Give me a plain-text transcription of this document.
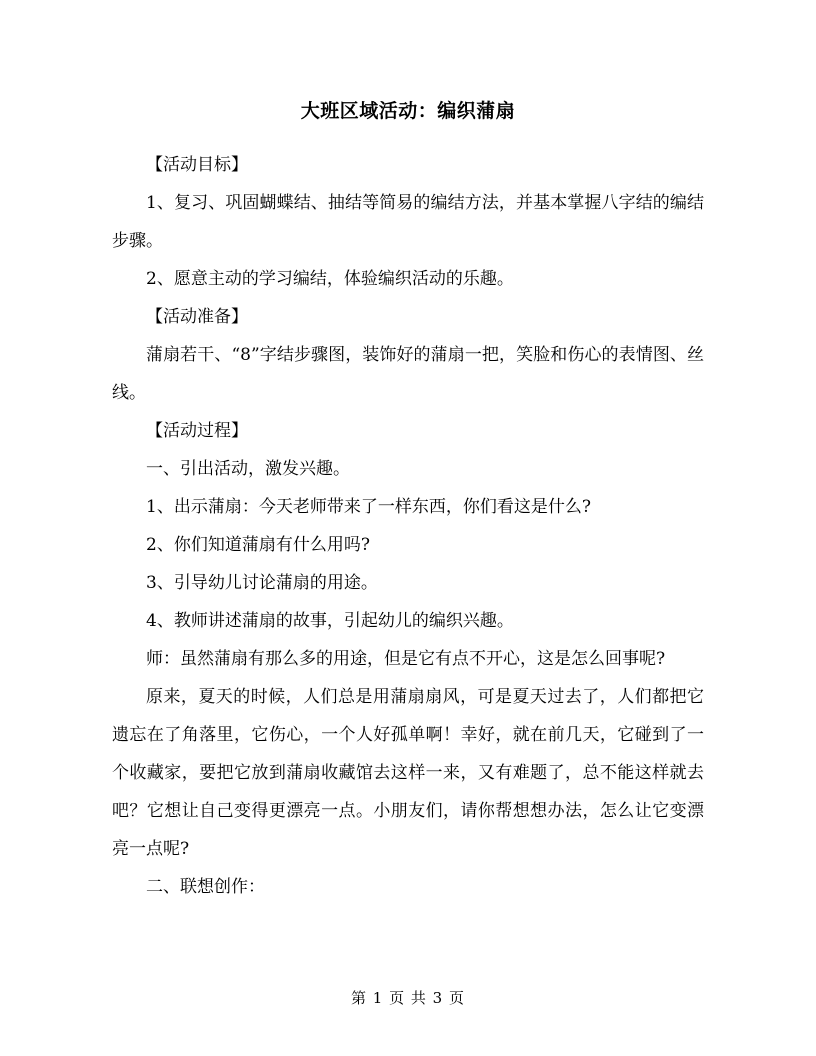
大班区域活动：编织蒲扇

【活动目标】

1、复习、巩固蝴蝶结、抽结等简易的编结方法，并基本掌握八字结的编结步骤。

2、愿意主动的学习编结，体验编织活动的乐趣。

【活动准备】

蒲扇若干、“8”字结步骤图，装饰好的蒲扇一把，笑脸和伤心的表情图、丝线。

【活动过程】

一、引出活动，激发兴趣。

1、出示蒲扇：今天老师带来了一样东西，你们看这是什么?

2、你们知道蒲扇有什么用吗?

3、引导幼儿讨论蒲扇的用途。

4、教师讲述蒲扇的故事，引起幼儿的编织兴趣。

师：虽然蒲扇有那么多的用途，但是它有点不开心，这是怎么回事呢?

原来，夏天的时候，人们总是用蒲扇扇风，可是夏天过去了，人们都把它遗忘在了角落里，它伤心，一个人好孤单啊！幸好，就在前几天，它碰到了一个收藏家，要把它放到蒲扇收藏馆去这样一来，又有难题了，总不能这样就去吧？它想让自己变得更漂亮一点。小朋友们，请你帮想想办法，怎么让它变漂亮一点呢?

二、联想创作：

第 1 页 共 3 页
